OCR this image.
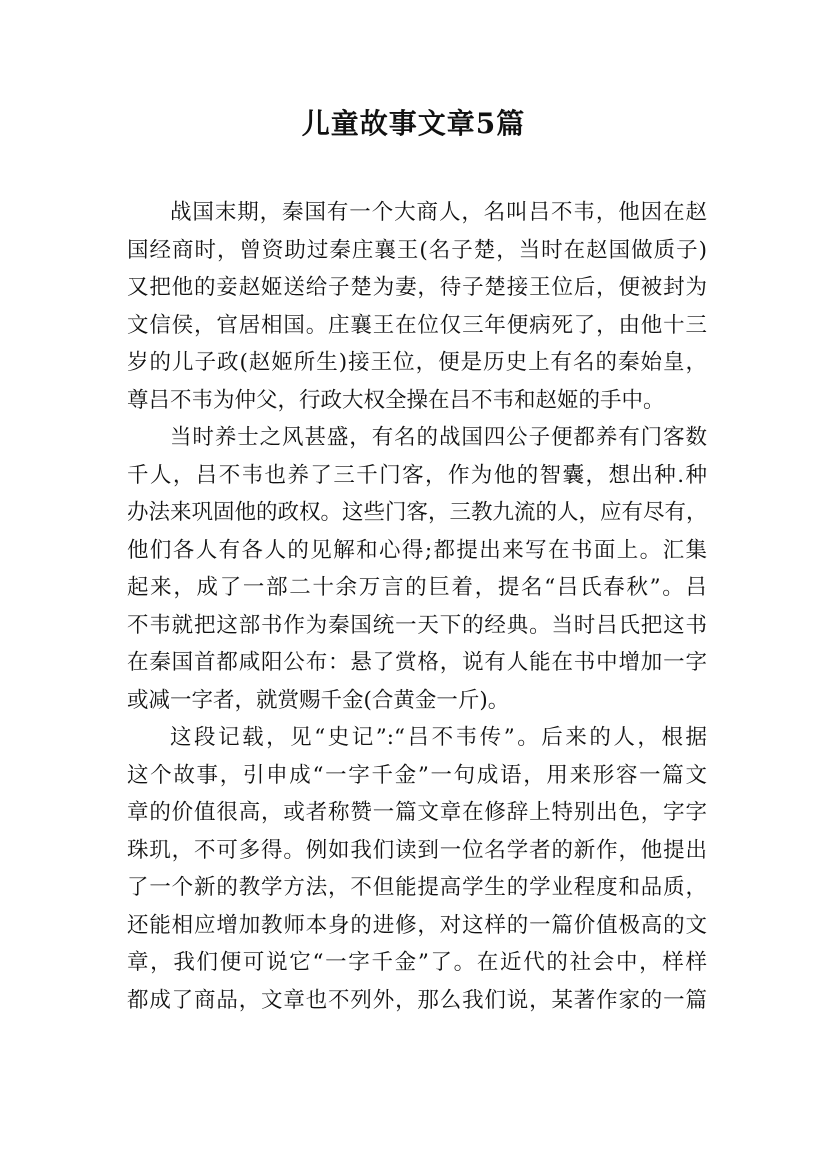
儿童故事文章5篇
战国末期，秦国有一个大商人，名叫吕不韦，他因在赵
国经商时，曾资助过秦庄襄王(名子楚，当时在赵国做质子)
又把他的妾赵姬送给子楚为妻，待子楚接王位后，便被封为
文信侯，官居相国。庄襄王在位仅三年便病死了，由他十三
岁的儿子政(赵姬所生)接王位，便是历史上有名的秦始皇，
尊吕不韦为仲父，行政大权全操在吕不韦和赵姬的手中。
当时养士之风甚盛，有名的战国四公子便都养有门客数
千人，吕不韦也养了三千门客，作为他的智囊，想出种.种
办法来巩固他的政权。这些门客，三教九流的人，应有尽有，
他们各人有各人的见解和心得;都提出来写在书面上。汇集
起来，成了一部二十余万言的巨着，提名“吕氏春秋”。吕
不韦就把这部书作为秦国统一天下的经典。当时吕氏把这书
在秦国首都咸阳公布：悬了赏格，说有人能在书中增加一字
或减一字者，就赏赐千金(合黄金一斤)。
这段记载，见“史记”:“吕不韦传”。后来的人，根据
这个故事，引申成“一字千金”一句成语，用来形容一篇文
章的价值很高，或者称赞一篇文章在修辞上特别出色，字字
珠玑，不可多得。例如我们读到一位名学者的新作，他提出
了一个新的教学方法，不但能提高学生的学业程度和品质，
还能相应增加教师本身的进修，对这样的一篇价值极高的文
章，我们便可说它“一字千金”了。在近代的社会中，样样
都成了商品，文章也不列外，那么我们说，某著作家的一篇
